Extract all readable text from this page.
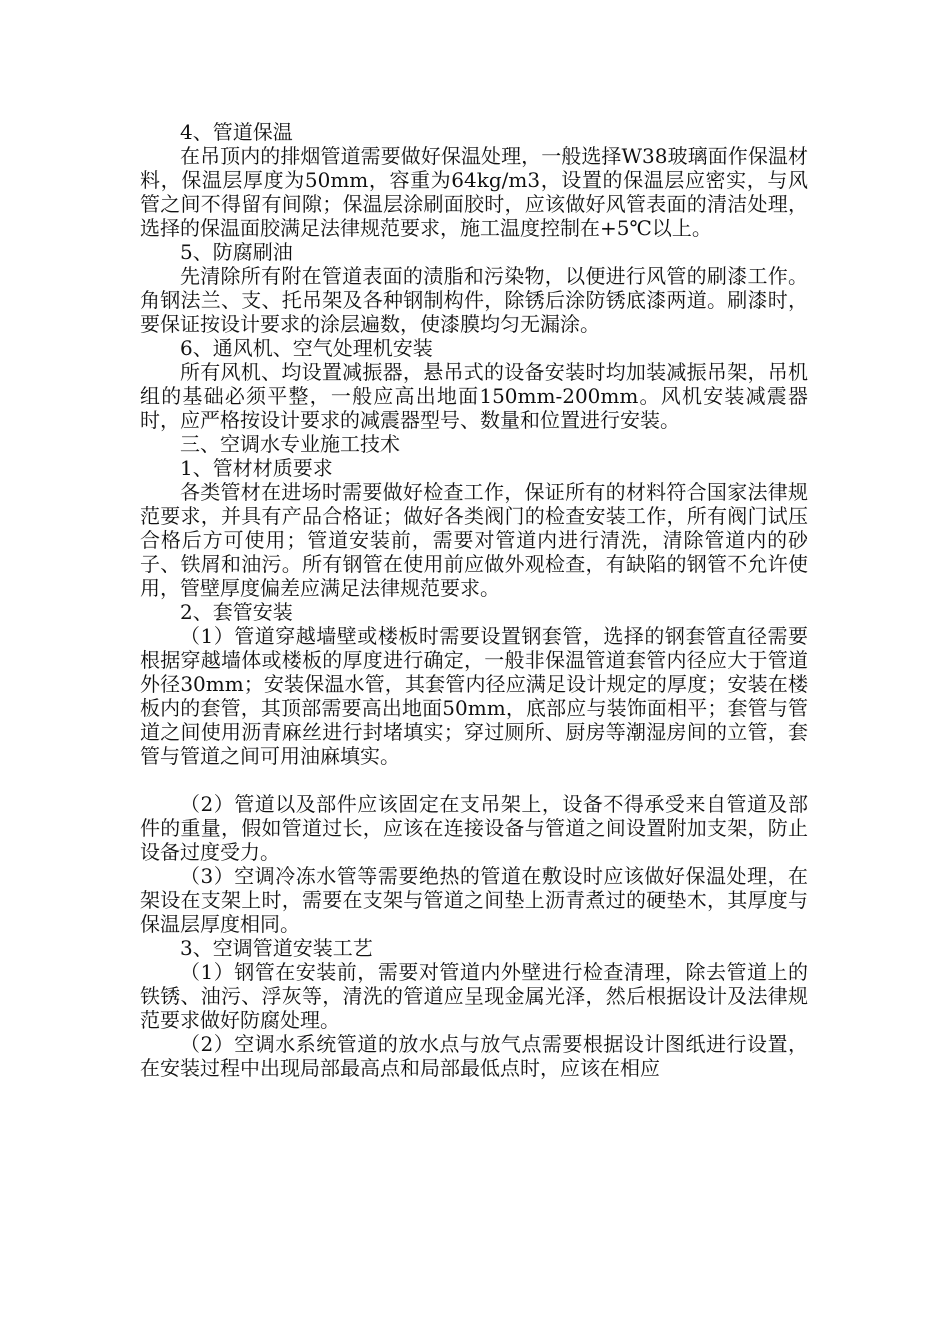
4、管道保温

在吊顶内的排烟管道需要做好保温处理，一般选择W38玻璃面作保温材料，保温层厚度为50mm，容重为64kg/m3，设置的保温层应密实，与风管之间不得留有间隙；保温层涂刷面胶时，应该做好风管表面的清洁处理，选择的保温面胶满足法律规范要求，施工温度控制在+5℃以上。

5、防腐刷油

先清除所有附在管道表面的渍脂和污染物，以便进行风管的刷漆工作。角钢法兰、支、托吊架及各种钢制构件，除锈后涂防锈底漆两道。刷漆时，要保证按设计要求的涂层遍数，使漆膜均匀无漏涂。

6、通风机、空气处理机安装

所有风机、均设置减振器，悬吊式的设备安装时均加装减振吊架，吊机组的基础必须平整，一般应高出地面150mm-200mm。风机安装减震器时，应严格按设计要求的减震器型号、数量和位置进行安装。

三、空调水专业施工技术

1、管材材质要求

各类管材在进场时需要做好检查工作，保证所有的材料符合国家法律规范要求，并具有产品合格证；做好各类阀门的检查安装工作，所有阀门试压合格后方可使用；管道安装前，需要对管道内进行清洗，清除管道内的砂子、铁屑和油污。所有钢管在使用前应做外观检查，有缺陷的钢管不允许使用，管壁厚度偏差应满足法律规范要求。

2、套管安装

（1）管道穿越墙壁或楼板时需要设置钢套管，选择的钢套管直径需要根据穿越墙体或楼板的厚度进行确定，一般非保温管道套管内径应大于管道外径30mm；安装保温水管，其套管内径应满足设计规定的厚度；安装在楼板内的套管，其顶部需要高出地面50mm，底部应与装饰面相平；套管与管道之间使用沥青麻丝进行封堵填实；穿过厕所、厨房等潮湿房间的立管，套管与管道之间可用油麻填实。

（2）管道以及部件应该固定在支吊架上，设备不得承受来自管道及部件的重量，假如管道过长，应该在连接设备与管道之间设置附加支架，防止设备过度受力。

（3）空调冷冻水管等需要绝热的管道在敷设时应该做好保温处理，在架设在支架上时，需要在支架与管道之间垫上沥青煮过的硬垫木，其厚度与保温层厚度相同。

3、空调管道安装工艺

（1）钢管在安装前，需要对管道内外壁进行检查清理，除去管道上的铁锈、油污、浮灰等，清洗的管道应呈现金属光泽，然后根据设计及法律规范要求做好防腐处理。

（2）空调水系统管道的放水点与放气点需要根据设计图纸进行设置，在安装过程中出现局部最高点和局部最低点时，应该在相应
